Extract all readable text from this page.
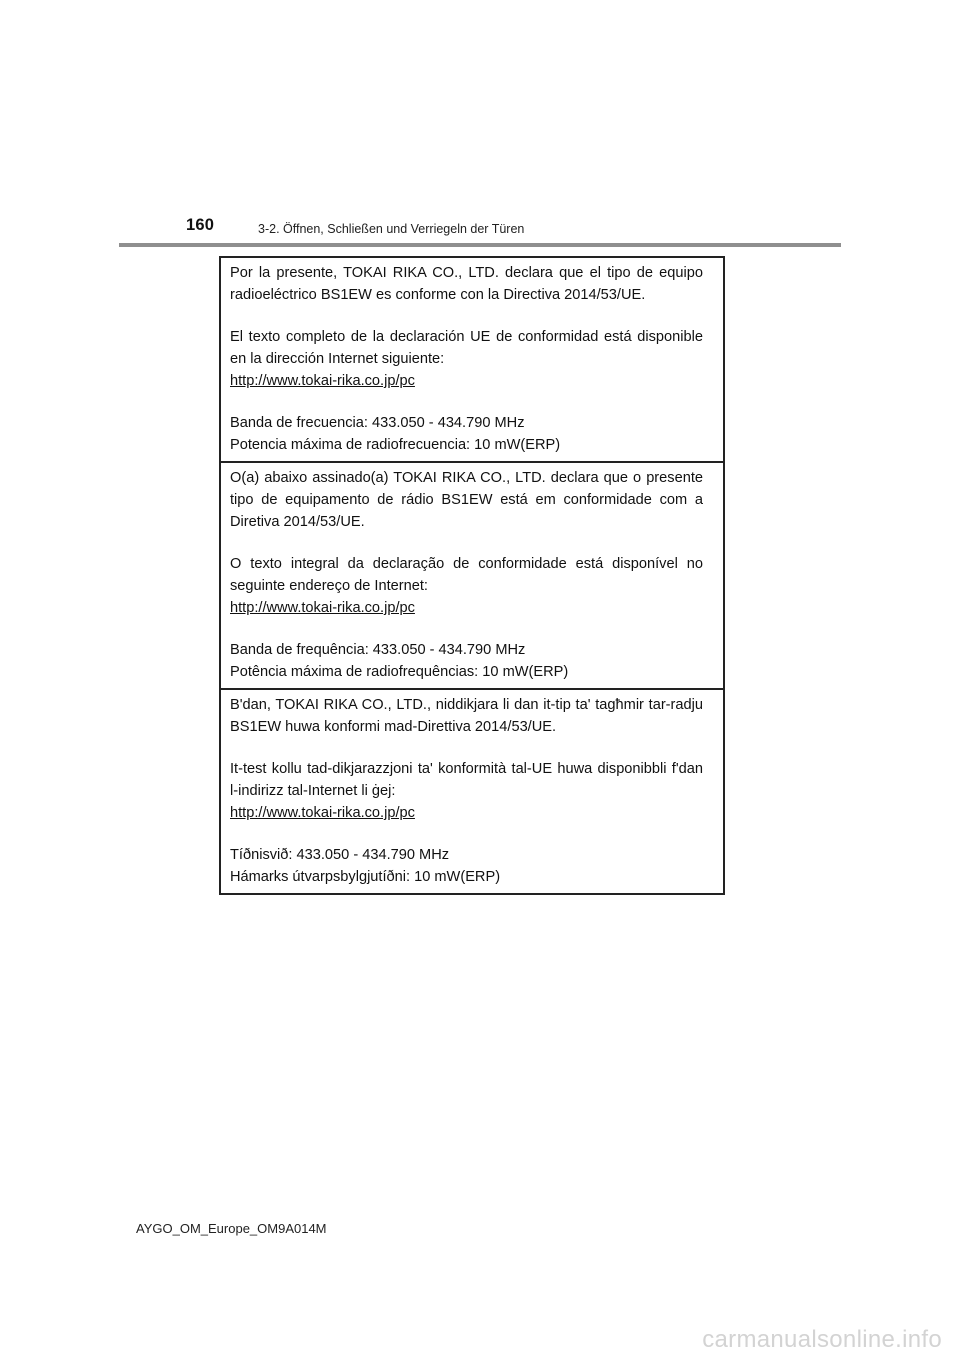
160	3-2. Öffnen, Schließen und Verriegeln der Türen

Por la presente, TOKAI RIKA CO., LTD. declara que el tipo de equipo radioeléctrico BS1EW es conforme con la Directiva 2014/53/UE.

El texto completo de la declaración UE de conformidad está disponible en la dirección Internet siguiente:

http://www.tokai-rika.co.jp/pc

Banda de frecuencia: 433.050 - 434.790 MHz

Potencia máxima de radiofrecuencia: 10 mW(ERP)

O(a) abaixo assinado(a) TOKAI RIKA CO., LTD. declara que o presente tipo de equipamento de rádio BS1EW está em conformidade com a Diretiva 2014/53/UE.

O texto integral da declaração de conformidade está disponível no seguinte endereço de Internet:

http://www.tokai-rika.co.jp/pc

Banda de frequência: 433.050 - 434.790 MHz

Potência máxima de radiofrequências: 10 mW(ERP)

B'dan, TOKAI RIKA CO., LTD., niddikjara li dan it-tip ta' tagħmir tar-radju BS1EW huwa konformi mad-Direttiva 2014/53/UE.

It-test kollu tad-dikjarazzjoni ta' konformità tal-UE huwa disponibbli f'dan l-indirizz tal-Internet li ġej:

http://www.tokai-rika.co.jp/pc

Tíðnisvið: 433.050 - 434.790 MHz

Hámarks útvarpsbylgjutíðni: 10 mW(ERP)

AYGO_OM_Europe_OM9A014M
carmanualsonline.info
